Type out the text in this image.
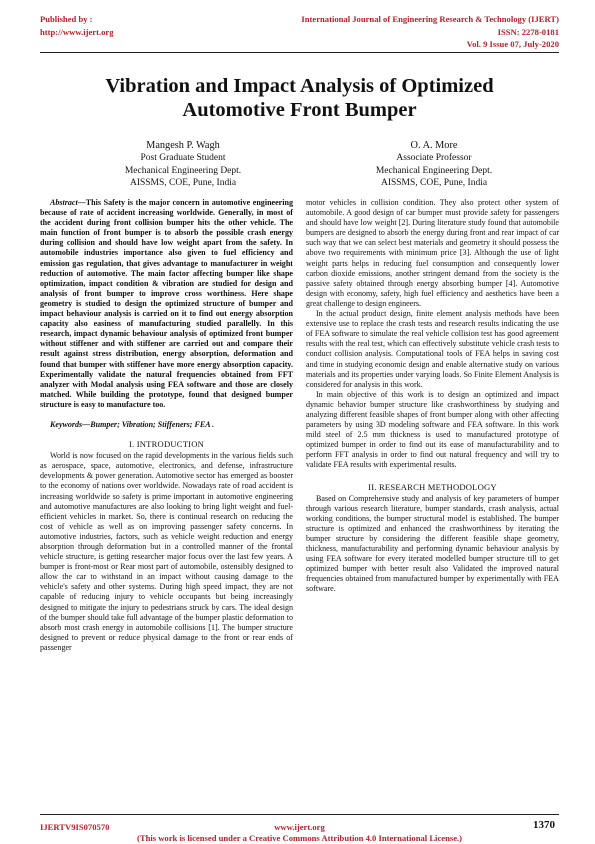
Published by :
http://www.ijert.org
International Journal of Engineering Research & Technology (IJERT)
ISSN: 2278-0181
Vol. 9 Issue 07, July-2020
Vibration and Impact Analysis of Optimized
Automotive Front Bumper
Mangesh P. Wagh
Post Graduate Student
Mechanical Engineering Dept.
AISSMS, COE, Pune, India
O. A. More
Associate Professor
Mechanical Engineering Dept.
AISSMS, COE, Pune, India

Abstract—This Safety is the major concern in automotive engineering because of rate of accident increasing worldwide. Generally, in most of the accident during front collision bumper hits the other vehicle. The main function of front bumper is to absorb the possible crash energy during collision and should have low weight apart from the safety. In automobile industries importance also given to fuel efficiency and emission gas regulation, that gives advantage to manufacturer in weight reduction of automotive. The main factor affecting bumper like shape optimization, impact condition & vibration are studied for design and analysis of front bumper to improve cross worthiness. Here shape geometry is studied to design the optimized structure of bumper and impact behaviour analysis is carried on it to find out energy absorption capacity also easiness of manufacturing studied parallelly. In this research, impact dynamic behaviour analysis of optimized front bumper without stiffener and with stiffener are carried out and compare their result against stress distribution, energy absorption, deformation and found that bumper with stiffener have more energy absorption capacity. Experimentally validate the natural frequencies obtained from FFT analyzer with Modal analysis using FEA software and those are closely matched. While building the prototype, found that designed bumper structure is easy to manufacture too.

Keywords—Bumper; Vibration; Stiffeners; FEA .

I. INTRODUCTION

World is now focused on the rapid developments in the various fields such as aerospace, space, automotive, electronics, and defense, infrastructure developments & power generation. Automotive sector has emerged as booster to the economy of nations over worldwide. Nowadays rate of road accident is increasing worldwide so safety is prime important in automotive engineering and automotive manufactures are also looking to bring light weight and fuel-efficient vehicles in market. So, there is continual research on reducing the cost of vehicle as well as on improving passenger safety concerns. In automotive industries, factors, such as vehicle weight reduction and energy absorption through deformation but in a controlled manner of the frontal vehicle structure, is getting researcher major focus over the last few years. A bumper is front-most or Rear most part of automobile, ostensibly designed to allow the car to withstand in an impact without causing damage to the vehicle's safety and other systems. During high speed impact, they are not capable of reducing injury to vehicle occupants but being increasingly designed to mitigate the injury to pedestrians struck by cars. The ideal design of the bumper should take full advantage of the bumper plastic deformation to absorb most crash energy in automobile collisions [1]. The bumper structure designed to prevent or reduce physical damage to the front or rear ends of passenger

motor vehicles in collision condition. They also protect other system of automobile. A good design of car bumper must provide safety for passengers and should have low weight [2]. During literature study found that automobile bumpers are designed to absorb the energy during front and rear impact of car such way that we can select best materials and geometry it should possess the above two requirements with minimum price [3]. Although the use of light weight parts helps in reducing fuel consumption and consequently lower carbon dioxide emissions, another stringent demand from the society is the passive safety obtained through energy absorbing bumper [4]. Automotive design with economy, safety, high fuel efficiency and aesthetics have been a great challenge to design engineers.

In the actual product design, finite element analysis methods have been extensive use to replace the crash tests and research results indicating the use of FEA software to simulate the real vehicle collision test has good agreement results with the real test, which can effectively substitute vehicle crash tests to conduct collision analysis. Computational tools of FEA helps in saving cost and time in studying economic design and enable alternative study on various materials and its properties under varying loads. So Finite Element Analysis is considered for analysis in this work.

In main objective of this work is to design an optimized and impact dynamic behavior bumper structure like crashworthiness by studying and analyzing different feasible shapes of front bumper along with other affecting parameters by using 3D modeling software and FEA software. In this work mild steel of 2.5 mm thickness is used to manufactured prototype of optimized bumper in order to find out its ease of manufacturability and to perform FFT analysis in order to find out natural frequency and will try to validate FEA results with experimental results.

II. RESEARCH METHODOLOGY

Based on Comprehensive study and analysis of key parameters of bumper through various research literature, bumper standards, crash analysis, actual working conditions, the bumper structural model is established. The bumper structure is optimized and enhanced the crashworthiness by iterating the bumper structure by considering the different feasible shape geometry, thickness, manufacturability and performing dynamic behaviour analysis by using FEA software for every iterated modelled bumper structure till to get optimized bumper with better result also Validated the improved natural frequencies obtained from manufactured bumper by experimentally with FEA software.

IJERTV9IS070570	www.ijert.org
(This work is licensed under a Creative Commons Attribution 4.0 International License.)
1370
